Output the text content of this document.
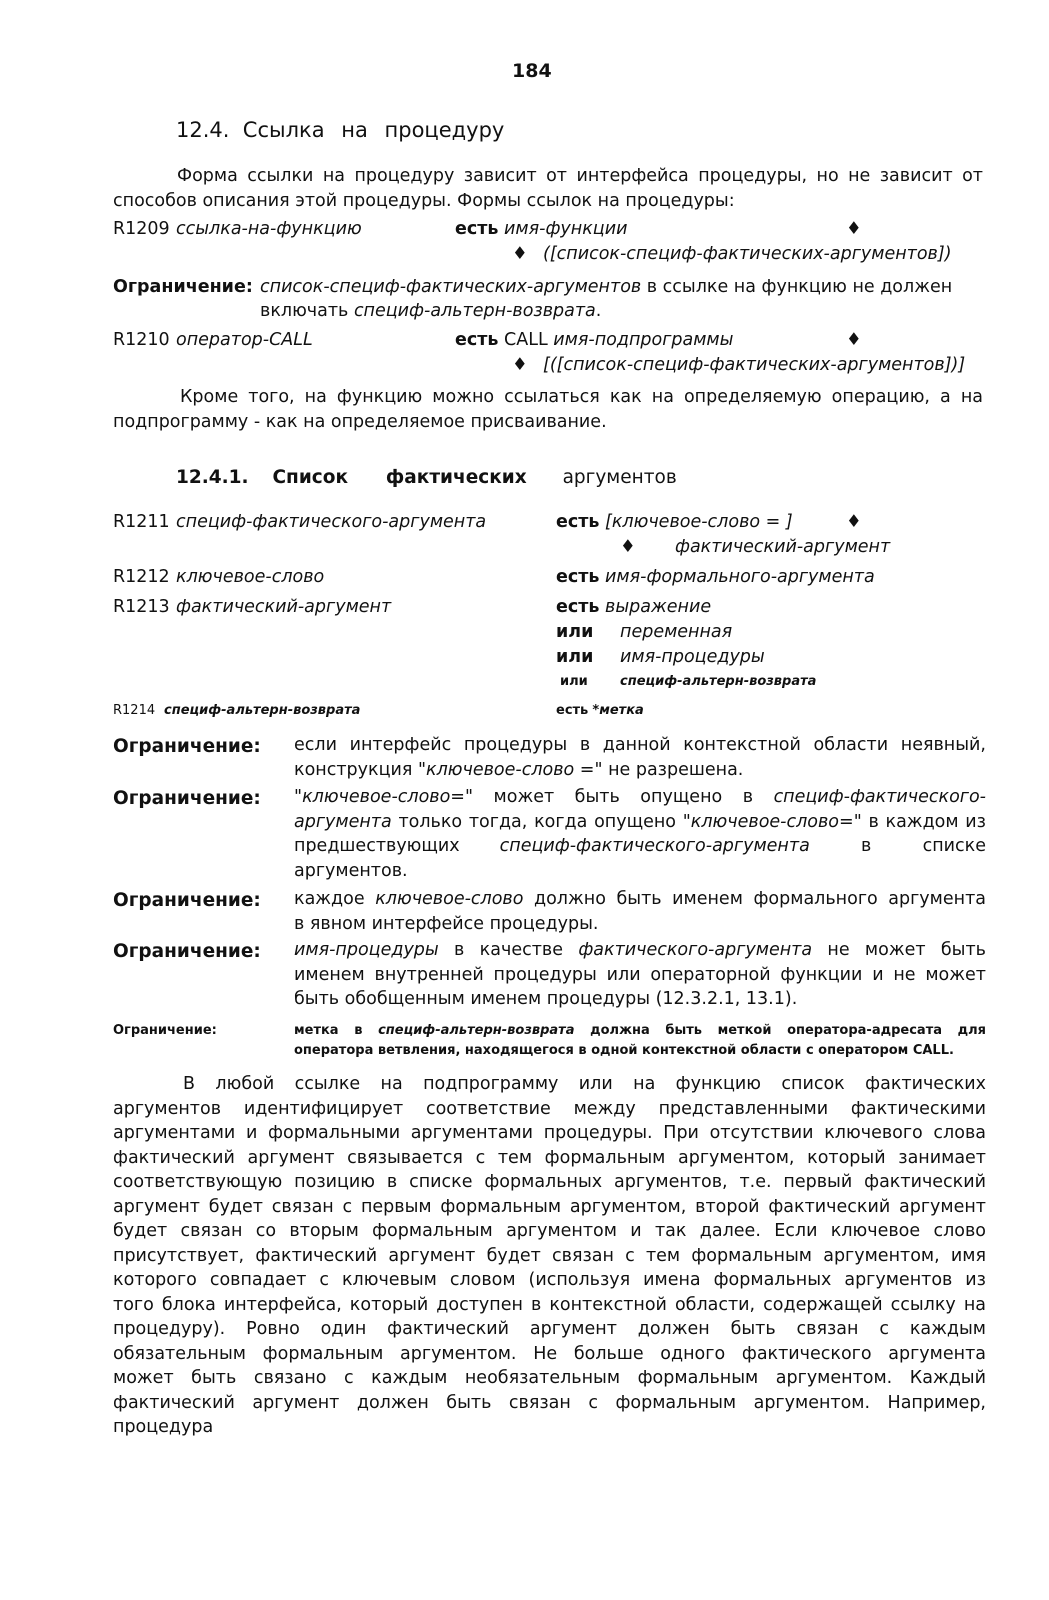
184
12.4. Ссылка на процедуру
Форма ссылки на процедуру зависит от интерфейса процедуры, но не зависит от
способов описания этой процедуры. Формы ссылок на процедуры:
R1209 ссылка-на-функцию	есть имя-функции	♦
♦ ([список-специф-фактических-аргументов])
Ограничение: список-специф-фактических-аргументов в ссылке на функцию не должен
включать специф-альтерн-возврата.
R1210 оператор-CALL	есть CALL имя-подпрограммы	♦
♦ [([список-специф-фактических-аргументов])]
Кроме того, на функцию можно ссылаться как на определяемую операцию, а на
подпрограмму - как на определяемое присваивание.
12.4.1. Список фактических аргументов
R1211 специф-фактического-аргумента	есть [ключевое-слово = ]	♦
♦ фактический-аргумент
R1212 ключевое-слово	есть имя-формального-аргумента
R1213 фактический-аргумент	есть выражение
или переменная
или имя-процедуры
или специф-альтерн-возврата
R1214 специф-альтерн-возврата	есть *метка
Ограничение: если интерфейс процедуры в данной контекстной области неявный,
конструкция "ключевое-слово =" не разрешена.
Ограничение: "ключевое-слово=" может быть опущено в специф-фактического-
аргумента только тогда, когда опущено "ключевое-слово=" в каждом из
предшествующих специф-фактического-аргумента в списке
аргументов.
Ограничение: каждое ключевое-слово должно быть именем формального аргумента
в явном интерфейсе процедуры.
Ограничение: имя-процедуры в качестве фактического-аргумента не может быть
именем внутренней процедуры или операторной функции и не может
быть обобщенным именем процедуры (12.3.2.1, 13.1).
Ограничение:	метка в специф-альтерн-возврата должна быть меткой оператора-адресата для
оператора ветвления, находящегося в одной контекстной области с оператором CALL.
В любой ссылке на подпрограмму или на функцию список фактических
аргументов идентифицирует соответствие между представленными фактическими
аргументами и формальными аргументами процедуры. При отсутствии ключевого слова
фактический аргумент связывается с тем формальным аргументом, который занимает
соответствующую позицию в списке формальных аргументов, т.е. первый фактический
аргумент будет связан с первым формальным аргументом, второй фактический аргумент
будет связан со вторым формальным аргументом и так далее. Если ключевое слово
присутствует, фактический аргумент будет связан с тем формальным аргументом, имя
которого совпадает с ключевым словом (используя имена формальных аргументов из
того блока интерфейса, который доступен в контекстной области, содержащей ссылку на
процедуру). Ровно один фактический аргумент должен быть связан с каждым
обязательным формальным аргументом. Не больше одного фактического аргумента
может быть связано с каждым необязательным формальным аргументом. Каждый
фактический аргумент должен быть связан с формальным аргументом. Например,
процедура
